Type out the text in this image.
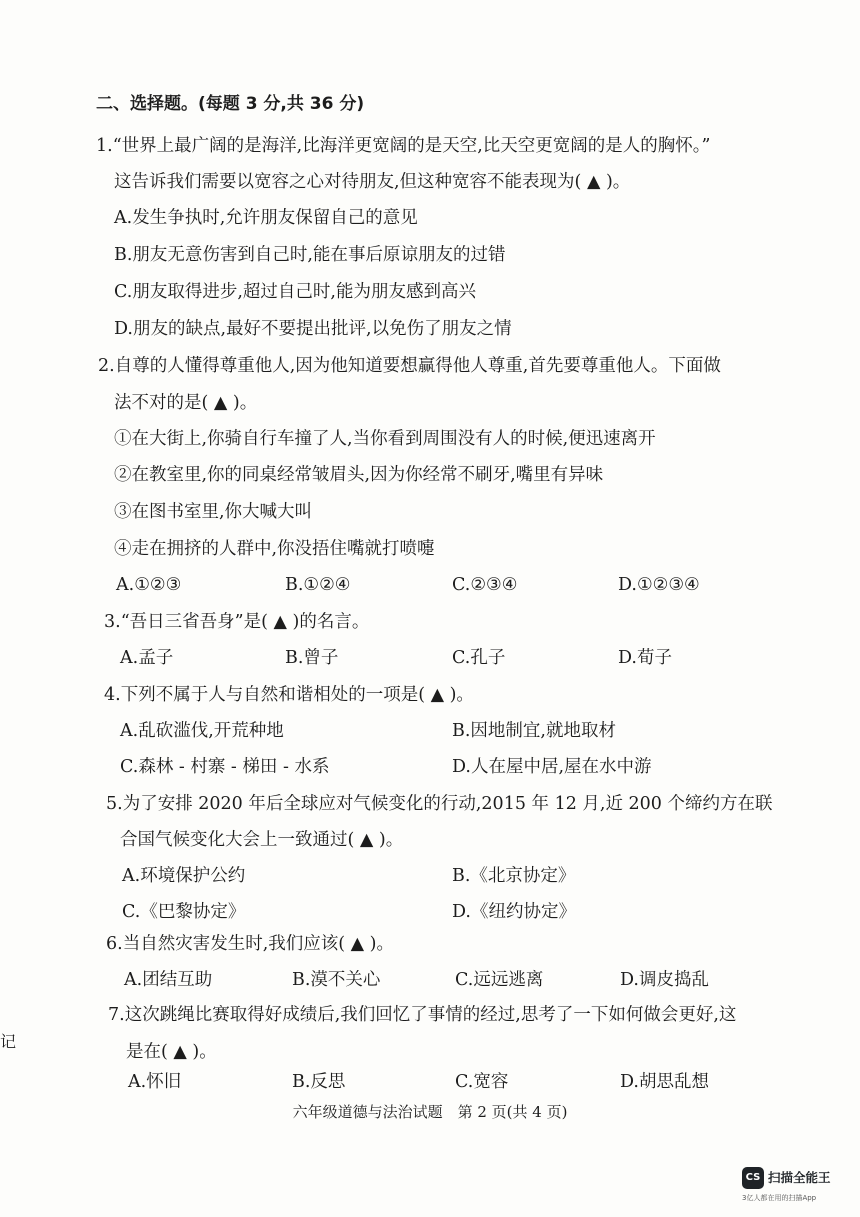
二、选择题。(每题 3 分,共 36 分)
1.“世界上最广阔的是海洋,比海洋更宽阔的是天空,比天空更宽阔的是人的胸怀。”
这告诉我们需要以宽容之心对待朋友,但这种宽容不能表现为( ▲ )。
A.发生争执时,允许朋友保留自己的意见
B.朋友无意伤害到自己时,能在事后原谅朋友的过错
C.朋友取得进步,超过自己时,能为朋友感到高兴
D.朋友的缺点,最好不要提出批评,以免伤了朋友之情
2.自尊的人懂得尊重他人,因为他知道要想赢得他人尊重,首先要尊重他人。下面做
法不对的是( ▲ )。
①在大街上,你骑自行车撞了人,当你看到周围没有人的时候,便迅速离开
②在教室里,你的同桌经常皱眉头,因为你经常不刷牙,嘴里有异味
③在图书室里,你大喊大叫
④走在拥挤的人群中,你没捂住嘴就打喷嚏
A.①②③	B.①②④	C.②③④	D.①②③④
3.“吾日三省吾身”是( ▲ )的名言。
A.孟子	B.曾子	C.孔子	D.荀子
4.下列不属于人与自然和谐相处的一项是( ▲ )。
A.乱砍滥伐,开荒种地	B.因地制宜,就地取材
C.森林 - 村寨 - 梯田 - 水系	D.人在屋中居,屋在水中游
5.为了安排 2020 年后全球应对气候变化的行动,2015 年 12 月,近 200 个缔约方在联
合国气候变化大会上一致通过( ▲ )。
A.环境保护公约	B.《北京协定》
C.《巴黎协定》	D.《纽约协定》
6.当自然灾害发生时,我们应该( ▲ )。
A.团结互助	B.漠不关心	C.远远逃离	D.调皮捣乱
7.这次跳绳比赛取得好成绩后,我们回忆了事情的经过,思考了一下如何做会更好,这
是在( ▲ )。
A.怀旧	B.反思	C.宽容	D.胡思乱想
记
六年级道德与法治试题　第 2 页(共 4 页)
CS 扫描全能王
3亿人都在用的扫描App
